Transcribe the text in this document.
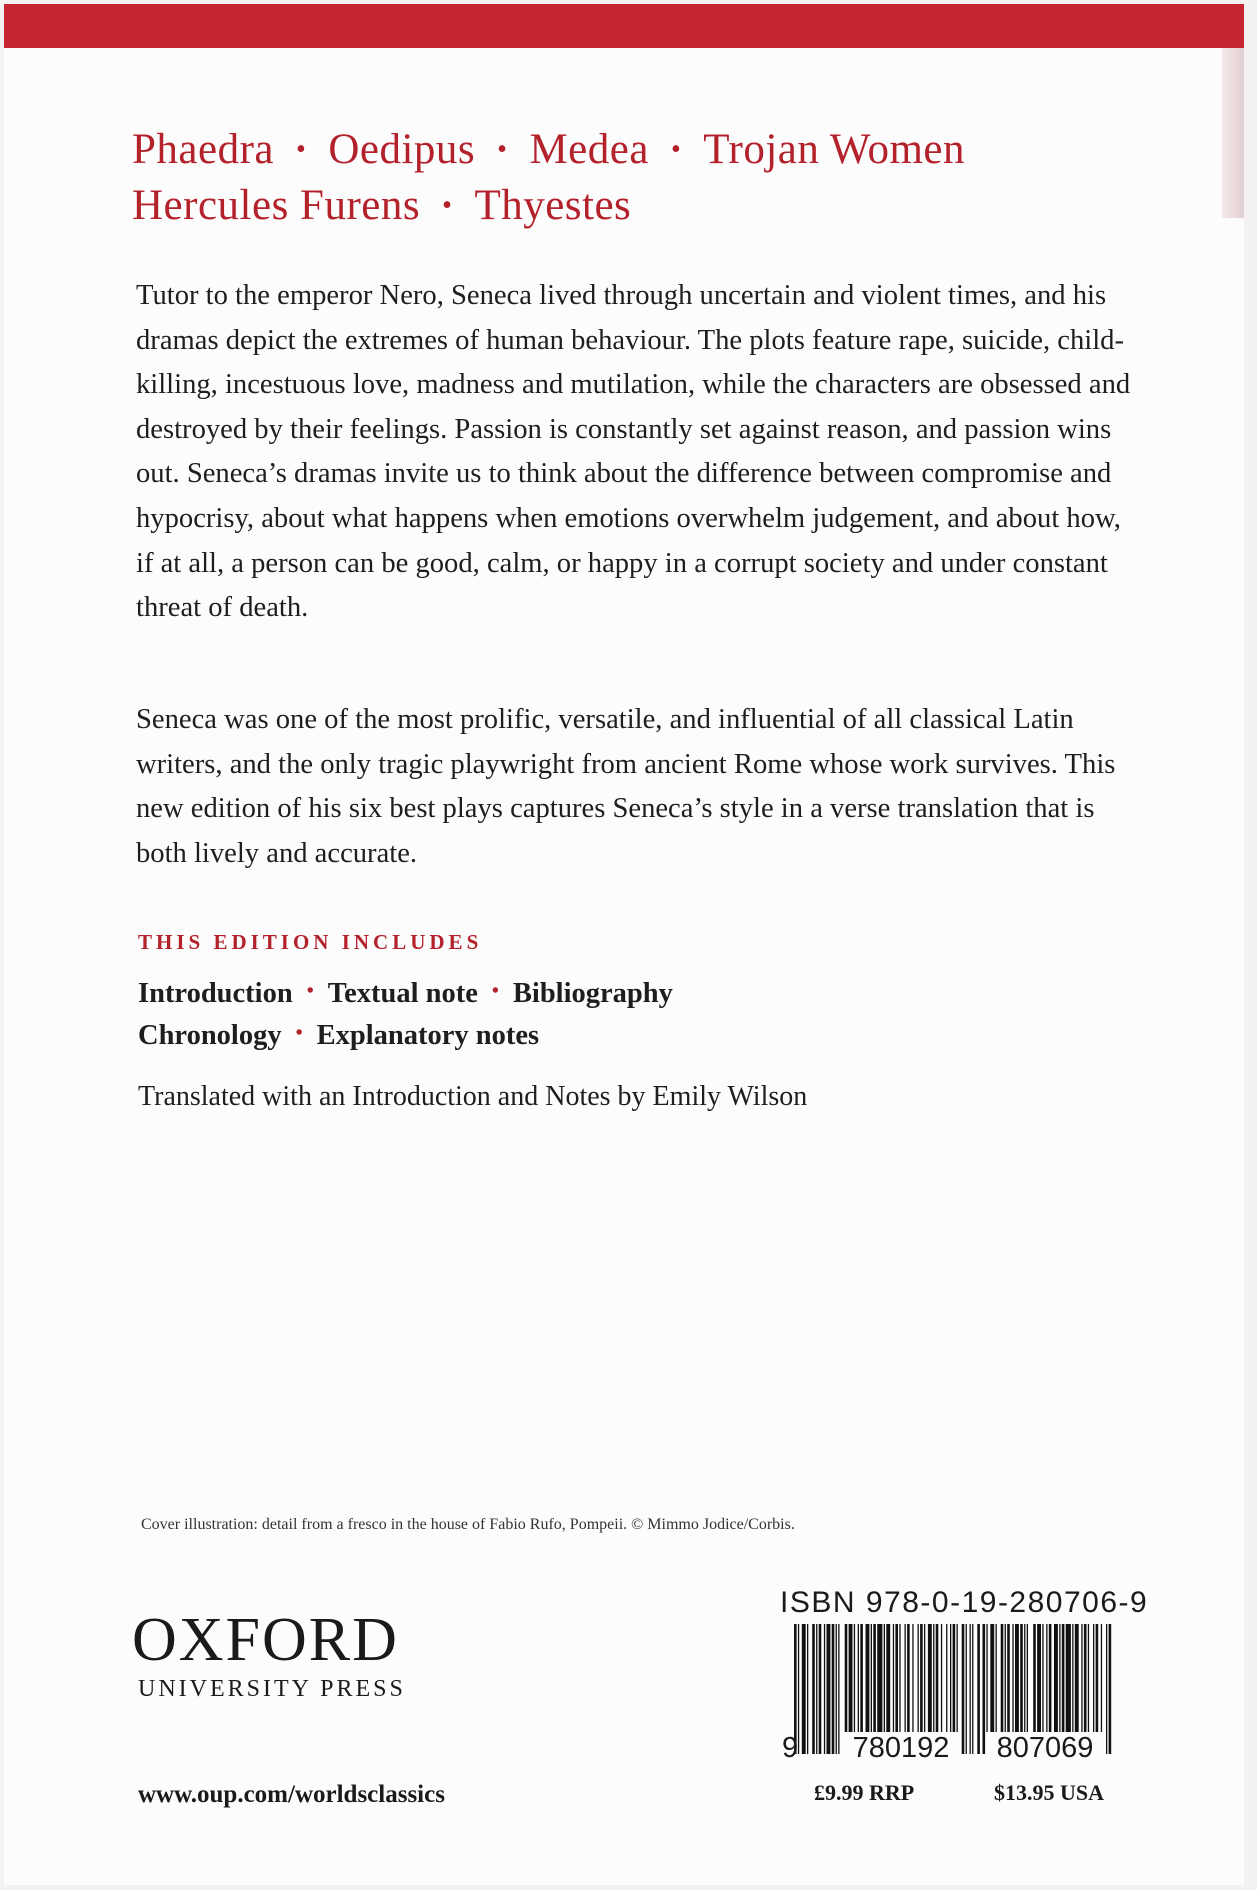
Phaedra • Oedipus • Medea • Trojan Women
Hercules Furens • Thyestes
Tutor to the emperor Nero, Seneca lived through uncertain and violent times, and his dramas depict the extremes of human behaviour. The plots feature rape, suicide, child-killing, incestuous love, madness and mutilation, while the characters are obsessed and destroyed by their feelings. Passion is constantly set against reason, and passion wins out. Seneca’s dramas invite us to think about the difference between compromise and hypocrisy, about what happens when emotions overwhelm judgement, and about how, if at all, a person can be good, calm, or happy in a corrupt society and under constant threat of death.
Seneca was one of the most prolific, versatile, and influential of all classical Latin writers, and the only tragic playwright from ancient Rome whose work survives. This new edition of his six best plays captures Seneca’s style in a verse translation that is both lively and accurate.
THIS EDITION INCLUDES
Introduction • Textual note • Bibliography
Chronology • Explanatory notes
Translated with an Introduction and Notes by Emily Wilson
Cover illustration: detail from a fresco in the house of Fabio Rufo, Pompeii. © Mimmo Jodice/Corbis.
OXFORD
UNIVERSITY PRESS
www.oup.com/worldsclassics
ISBN 978-0-19-280706-9
9	780192	807069
£9.99 RRP	$13.95 USA
